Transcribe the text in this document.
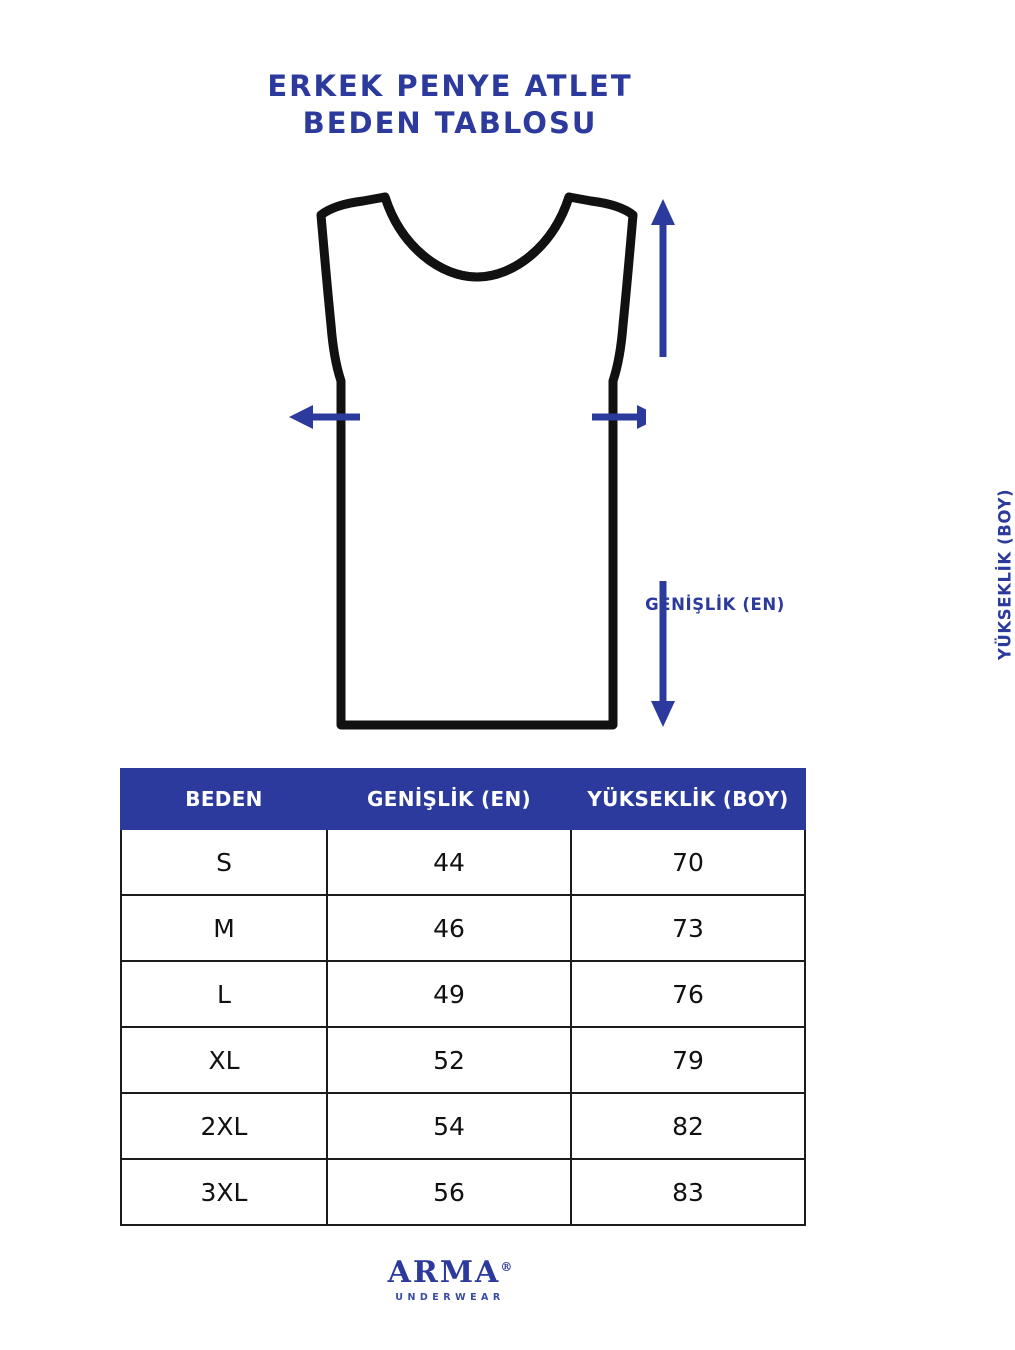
ERKEK PENYE ATLET
BEDEN TABLOSU
GENİŞLİK (EN)	YÜKSEKLİK (BOY)
BEDEN	GENİŞLİK (EN)	YÜKSEKLİK (BOY)
S	44	70
M	46	73
L	49	76
XL	52	79
2XL	54	82
3XL	56	83
ARMA®
UNDERWEAR
